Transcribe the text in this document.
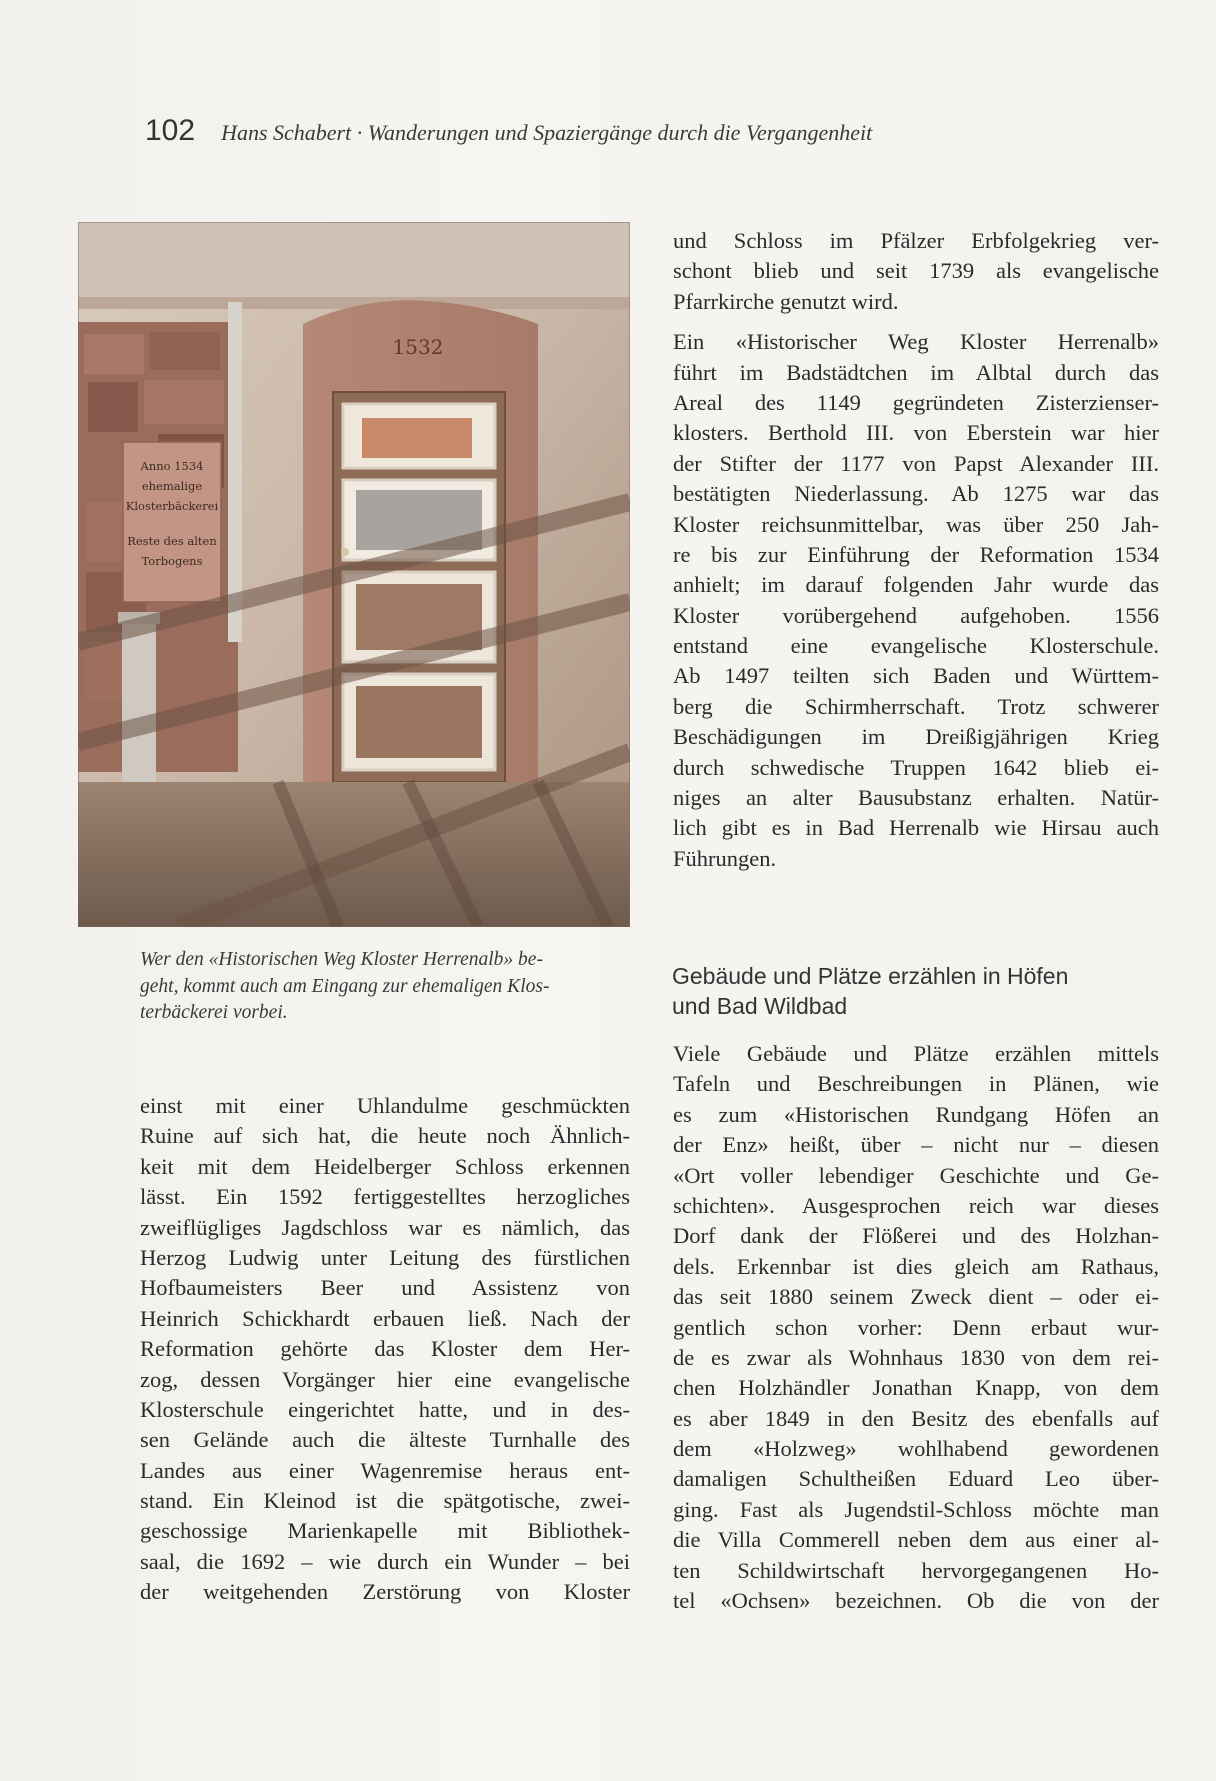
102 Hans Schabert · Wanderungen und Spaziergänge durch die Vergangenheit
Anno 1534
ehemalige
Klosterbäckerei
Reste des alten
Torbogens
1532

Wer den «Historischen Weg Kloster Herrenalb» be-

geht, kommt auch am Eingang zur ehemaligen Klos-

terbäckerei vorbei.

einst mit einer Uhlandulme geschmückten
Ruine auf sich hat, die heute noch Ähnlich-
keit mit dem Heidelberger Schloss erkennen
lässt. Ein 1592 fertiggestelltes herzogliches
zweiflügliges Jagdschloss war es nämlich, das
Herzog Ludwig unter Leitung des fürstlichen
Hofbaumeisters Beer und Assistenz von
Heinrich Schickhardt erbauen ließ. Nach der
Reformation gehörte das Kloster dem Her-
zog, dessen Vorgänger hier eine evangelische
Klosterschule eingerichtet hatte, und in des-
sen Gelände auch die älteste Turnhalle des
Landes aus einer Wagenremise heraus ent-
stand. Ein Kleinod ist die spätgotische, zwei-
geschossige Marienkapelle mit Bibliothek-
saal, die 1692 – wie durch ein Wunder – bei
der weitgehenden Zerstörung von Kloster
und Schloss im Pfälzer Erbfolgekrieg ver-
schont blieb und seit 1739 als evangelische
Pfarrkirche genutzt wird.
Ein «Historischer Weg Kloster Herrenalb»
führt im Badstädtchen im Albtal durch das
Areal des 1149 gegründeten Zisterzienser-
klosters. Berthold III. von Eberstein war hier
der Stifter der 1177 von Papst Alexander III.
bestätigten Niederlassung. Ab 1275 war das
Kloster reichsunmittelbar, was über 250 Jah-
re bis zur Einführung der Reformation 1534
anhielt; im darauf folgenden Jahr wurde das
Kloster vorübergehend aufgehoben. 1556
entstand eine evangelische Klosterschule.
Ab 1497 teilten sich Baden und Württem-
berg die Schirmherrschaft. Trotz schwerer
Beschädigungen im Dreißigjährigen Krieg
durch schwedische Truppen 1642 blieb ei-
niges an alter Bausubstanz erhalten. Natür-
lich gibt es in Bad Herrenalb wie Hirsau auch
Führungen.
Gebäude und Plätze erzählen in Höfen
und Bad Wildbad
Viele Gebäude und Plätze erzählen mittels
Tafeln und Beschreibungen in Plänen, wie
es zum «Historischen Rundgang Höfen an
der Enz» heißt, über – nicht nur – diesen
«Ort voller lebendiger Geschichte und Ge-
schichten». Ausgesprochen reich war dieses
Dorf dank der Flößerei und des Holzhan-
dels. Erkennbar ist dies gleich am Rathaus,
das seit 1880 seinem Zweck dient – oder ei-
gentlich schon vorher: Denn erbaut wur-
de es zwar als Wohnhaus 1830 von dem rei-
chen Holzhändler Jonathan Knapp, von dem
es aber 1849 in den Besitz des ebenfalls auf
dem «Holzweg» wohlhabend gewordenen
damaligen Schultheißen Eduard Leo über-
ging. Fast als Jugendstil-Schloss möchte man
die Villa Commerell neben dem aus einer al-
ten Schildwirtschaft hervorgegangenen Ho-
tel «Ochsen» bezeichnen. Ob die von der
